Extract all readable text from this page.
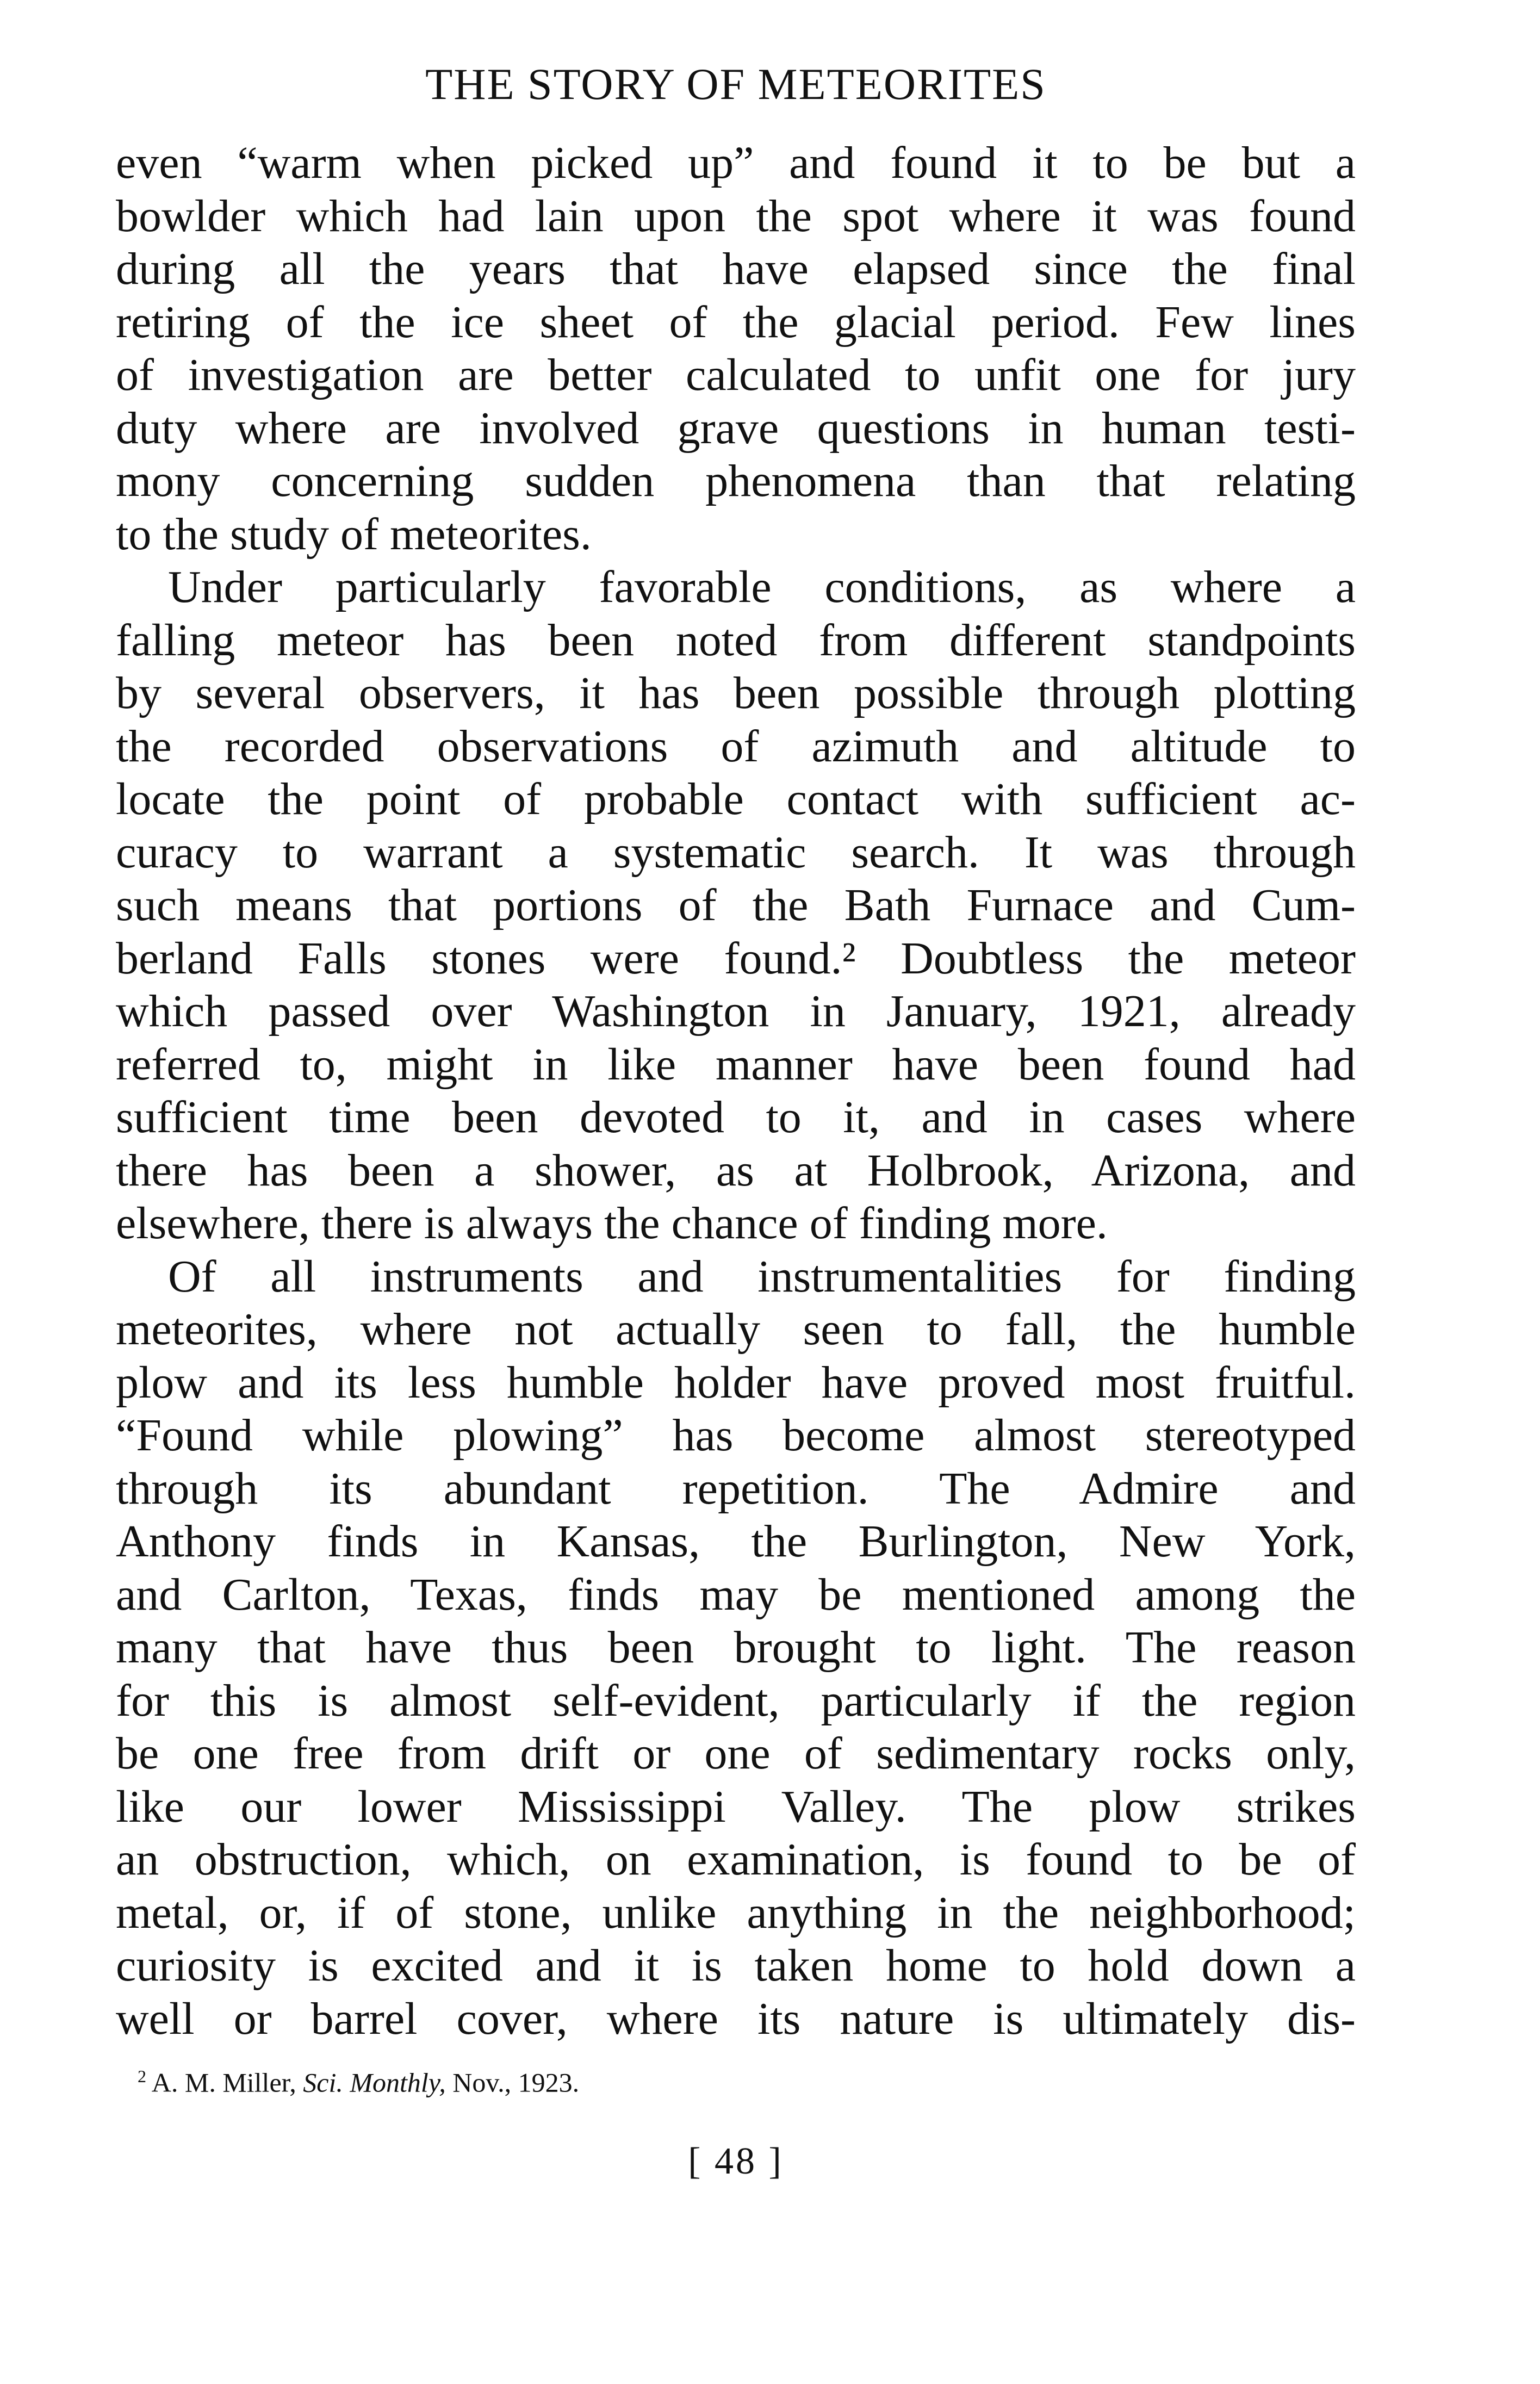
THE STORY OF METEORITES

even “warm when picked up” and found it to be but a
bowlder which had lain upon the spot where it was found
during all the years that have elapsed since the final
retiring of the ice sheet of the glacial period. Few lines
of investigation are better calculated to unfit one for jury
duty where are involved grave questions in human testi-
mony concerning sudden phenomena than that relating
to the study of meteorites.

Under particularly favorable conditions, as where a
falling meteor has been noted from different standpoints
by several observers, it has been possible through plotting
the recorded observations of azimuth and altitude to
locate the point of probable contact with sufficient ac-
curacy to warrant a systematic search. It was through
such means that portions of the Bath Furnace and Cum-
berland Falls stones were found.² Doubtless the meteor
which passed over Washington in January, 1921, already
referred to, might in like manner have been found had
sufficient time been devoted to it, and in cases where
there has been a shower, as at Holbrook, Arizona, and
elsewhere, there is always the chance of finding more.

Of all instruments and instrumentalities for finding
meteorites, where not actually seen to fall, the humble
plow and its less humble holder have proved most fruitful.
“Found while plowing” has become almost stereotyped
through its abundant repetition. The Admire and
Anthony finds in Kansas, the Burlington, New York,
and Carlton, Texas, finds may be mentioned among the
many that have thus been brought to light. The reason
for this is almost self-evident, particularly if the region
be one free from drift or one of sedimentary rocks only,
like our lower Mississippi Valley. The plow strikes
an obstruction, which, on examination, is found to be of
metal, or, if of stone, unlike anything in the neighborhood;
curiosity is excited and it is taken home to hold down a
well or barrel cover, where its nature is ultimately dis-

$^2$ A. M. Miller, Sci. Monthly, Nov., 1923.
[ 48 ]
